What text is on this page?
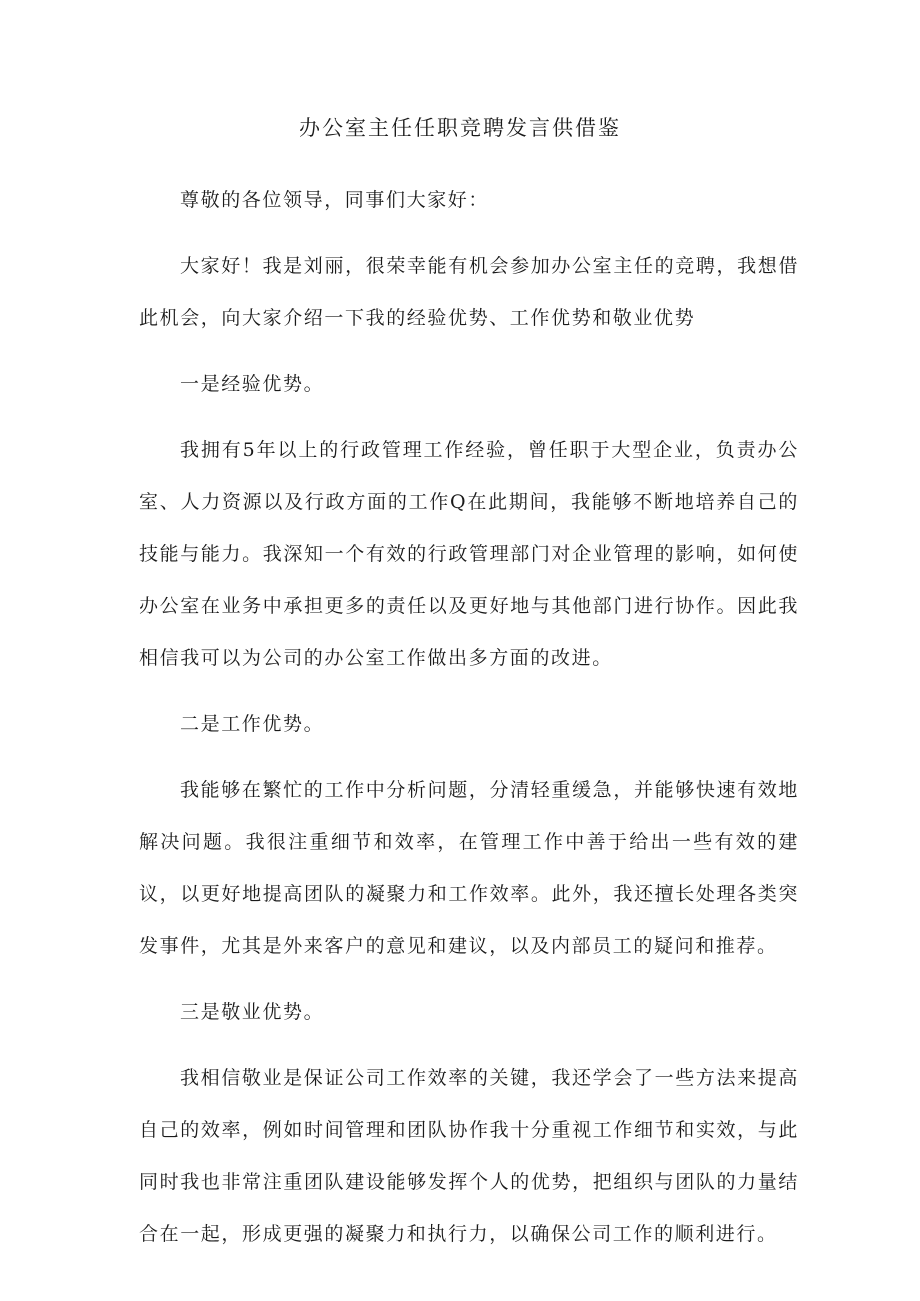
办公室主任任职竞聘发言供借鉴

尊敬的各位领导，同事们大家好：

大家好！我是刘丽，很荣幸能有机会参加办公室主任的竞聘，我想借此机会，向大家介绍一下我的经验优势、工作优势和敬业优势

一是经验优势。

我拥有5年以上的行政管理工作经验，曾任职于大型企业，负责办公室、人力资源以及行政方面的工作Q在此期间，我能够不断地培养自己的技能与能力。我深知一个有效的行政管理部门对企业管理的影响，如何使办公室在业务中承担更多的责任以及更好地与其他部门进行协作。因此我相信我可以为公司的办公室工作做出多方面的改进。

二是工作优势。

我能够在繁忙的工作中分析问题，分清轻重缓急，并能够快速有效地解决问题。我很注重细节和效率，在管理工作中善于给出一些有效的建议，以更好地提高团队的凝聚力和工作效率。此外，我还擅长处理各类突发事件，尤其是外来客户的意见和建议，以及内部员工的疑问和推荐。

三是敬业优势。

我相信敬业是保证公司工作效率的关键，我还学会了一些方法来提高自己的效率，例如时间管理和团队协作我十分重视工作细节和实效，与此同时我也非常注重团队建设能够发挥个人的优势，把组织与团队的力量结合在一起，形成更强的凝聚力和执行力，以确保公司工作的顺利进行。
